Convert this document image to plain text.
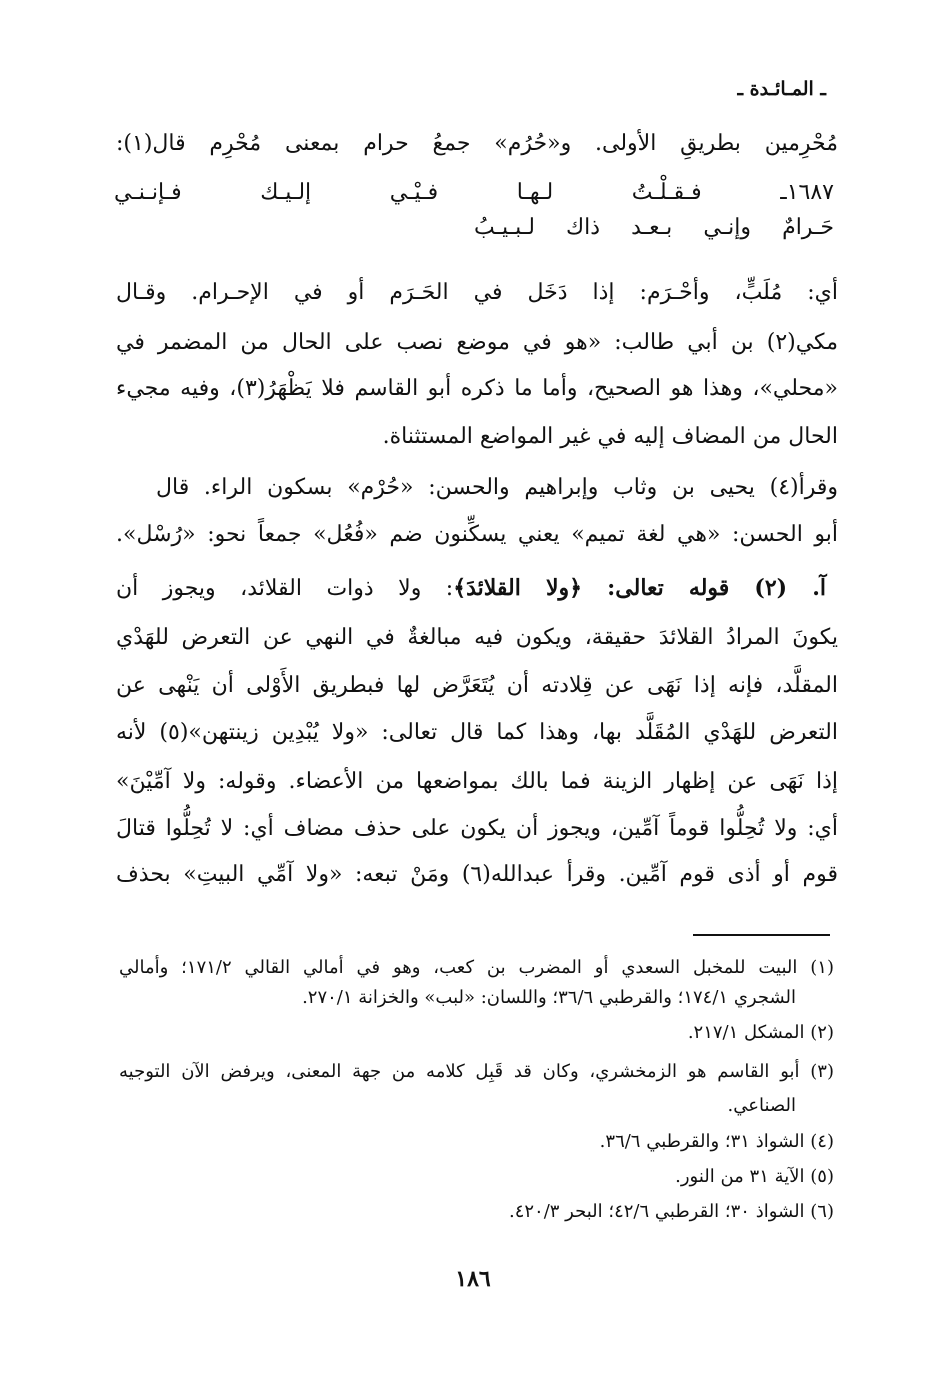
ـ المـائـدة ـ
مُحْرِمين بطريقِ الأولى. و«حُرُم» جمعُ حرام بمعنى مُحْرِم قال(١):
١٦٨٧ـ فـقـلْـتُ لـهـا فـيْـي إلـيـك فـإنـنـي
حَـرامٌ وإنـي بـعـد ذاك لـبـيـبُ
أي: مُلَبٍّ، وأحْـرَم: إذا دَخَل في الحَـرَم أو في الإحـرام. وقـال
مكي(٢) بن أبي طالب: «هو في موضع نصب على الحال من المضمر في
«محلي»، وهذا هو الصحيح، وأما ما ذكره أبو القاسم فلا يَظْهَرُ(٣)، وفيه مجيء
الحال من المضاف إليه في غير المواضع المستثناة.
وقرأ(٤) يحيى بن وثاب وإبراهيم والحسن: «حُرْم» بسكون الراء. قال
أبو الحسن: «هي لغة تميم» يعني يسكِّنون ضم «فُعُل» جمعاً نحو: «رُسْل».
آ. (٢) قوله تعالى: ﴿ولا القلائدَ﴾: ولا ذوات القلائد، ويجوز أن
يكونَ المرادُ القلائدَ حقيقة، ويكون فيه مبالغةٌ في النهي عن التعرض للهَدْي
المقلَّد، فإنه إذا نَهَى عن قِلادته أن يُتَعَرَّض لها فبطريق الأَوْلى أن يَنْهى عن
التعرض للهَدْي المُقَلَّد بها، وهذا كما قال تعالى: «ولا يُبْدِين زينتهن»(٥) لأنه
إذا نَهَى عن إظهار الزينة فما بالك بمواضعها من الأعضاء. وقوله: ولا آمِّيْنَ»
أي: ولا تُحِلُّوا قوماً آمِّين، ويجوز أن يكون على حذف مضاف أي: لا تُحِلُّوا قتالَ
قوم أو أذى قوم آمِّين. وقرأ عبدالله(٦) ومَنْ تبعه: «ولا آمِّي البيتِ» بحذف
(١) البيت للمخبل السعدي أو المضرب بن كعب، وهو في أمالي القالي ١٧١/٢؛ وأمالي
الشجري ١٧٤/١؛ والقرطبي ٣٦/٦؛ واللسان: «لبب» والخزانة ٢٧٠/١.
(٢) المشكل ٢١٧/١.
(٣) أبو القاسم هو الزمخشري، وكان قد قَبِل كلامه من جهة المعنى، ويرفض الآن التوجيه
الصناعي.
(٤) الشواذ ٣١؛ والقرطبي ٣٦/٦.
(٥) الآية ٣١ من النور.
(٦) الشواذ ٣٠؛ القرطبي ٤٢/٦؛ البحر ٤٢٠/٣.
١٨٦
